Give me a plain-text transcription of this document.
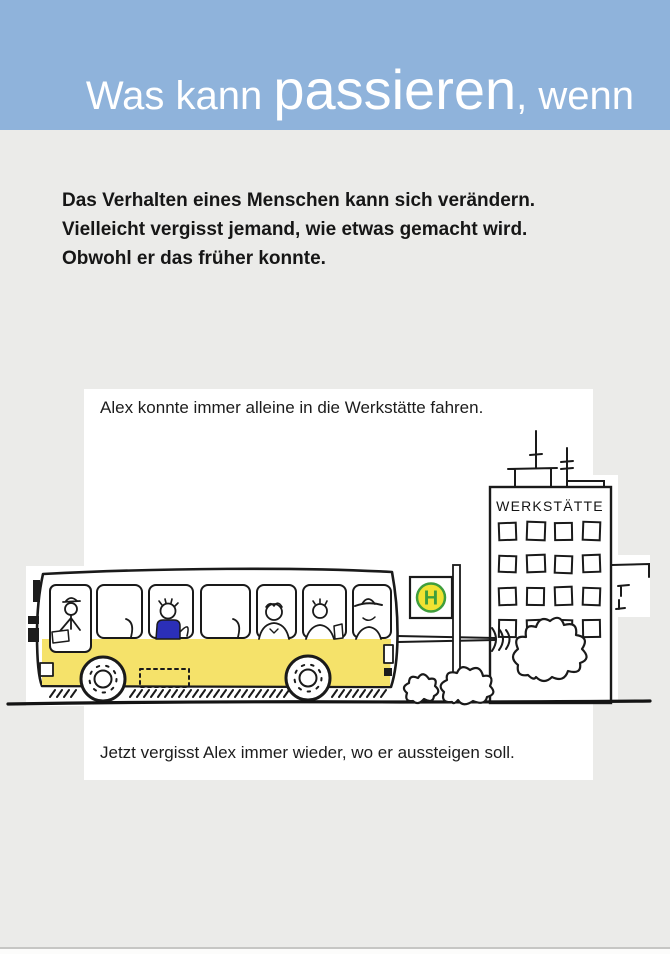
Was kann passieren, wenn
Das Verhalten eines Menschen kann sich verändern.
Vielleicht vergisst jemand, wie etwas gemacht wird.
Obwohl er das früher konnte.
Alex konnte immer alleine in die Werkstätte fahren.
Jetzt vergisst Alex immer wieder, wo er aussteigen soll.
WERKSTÄTTE
H
